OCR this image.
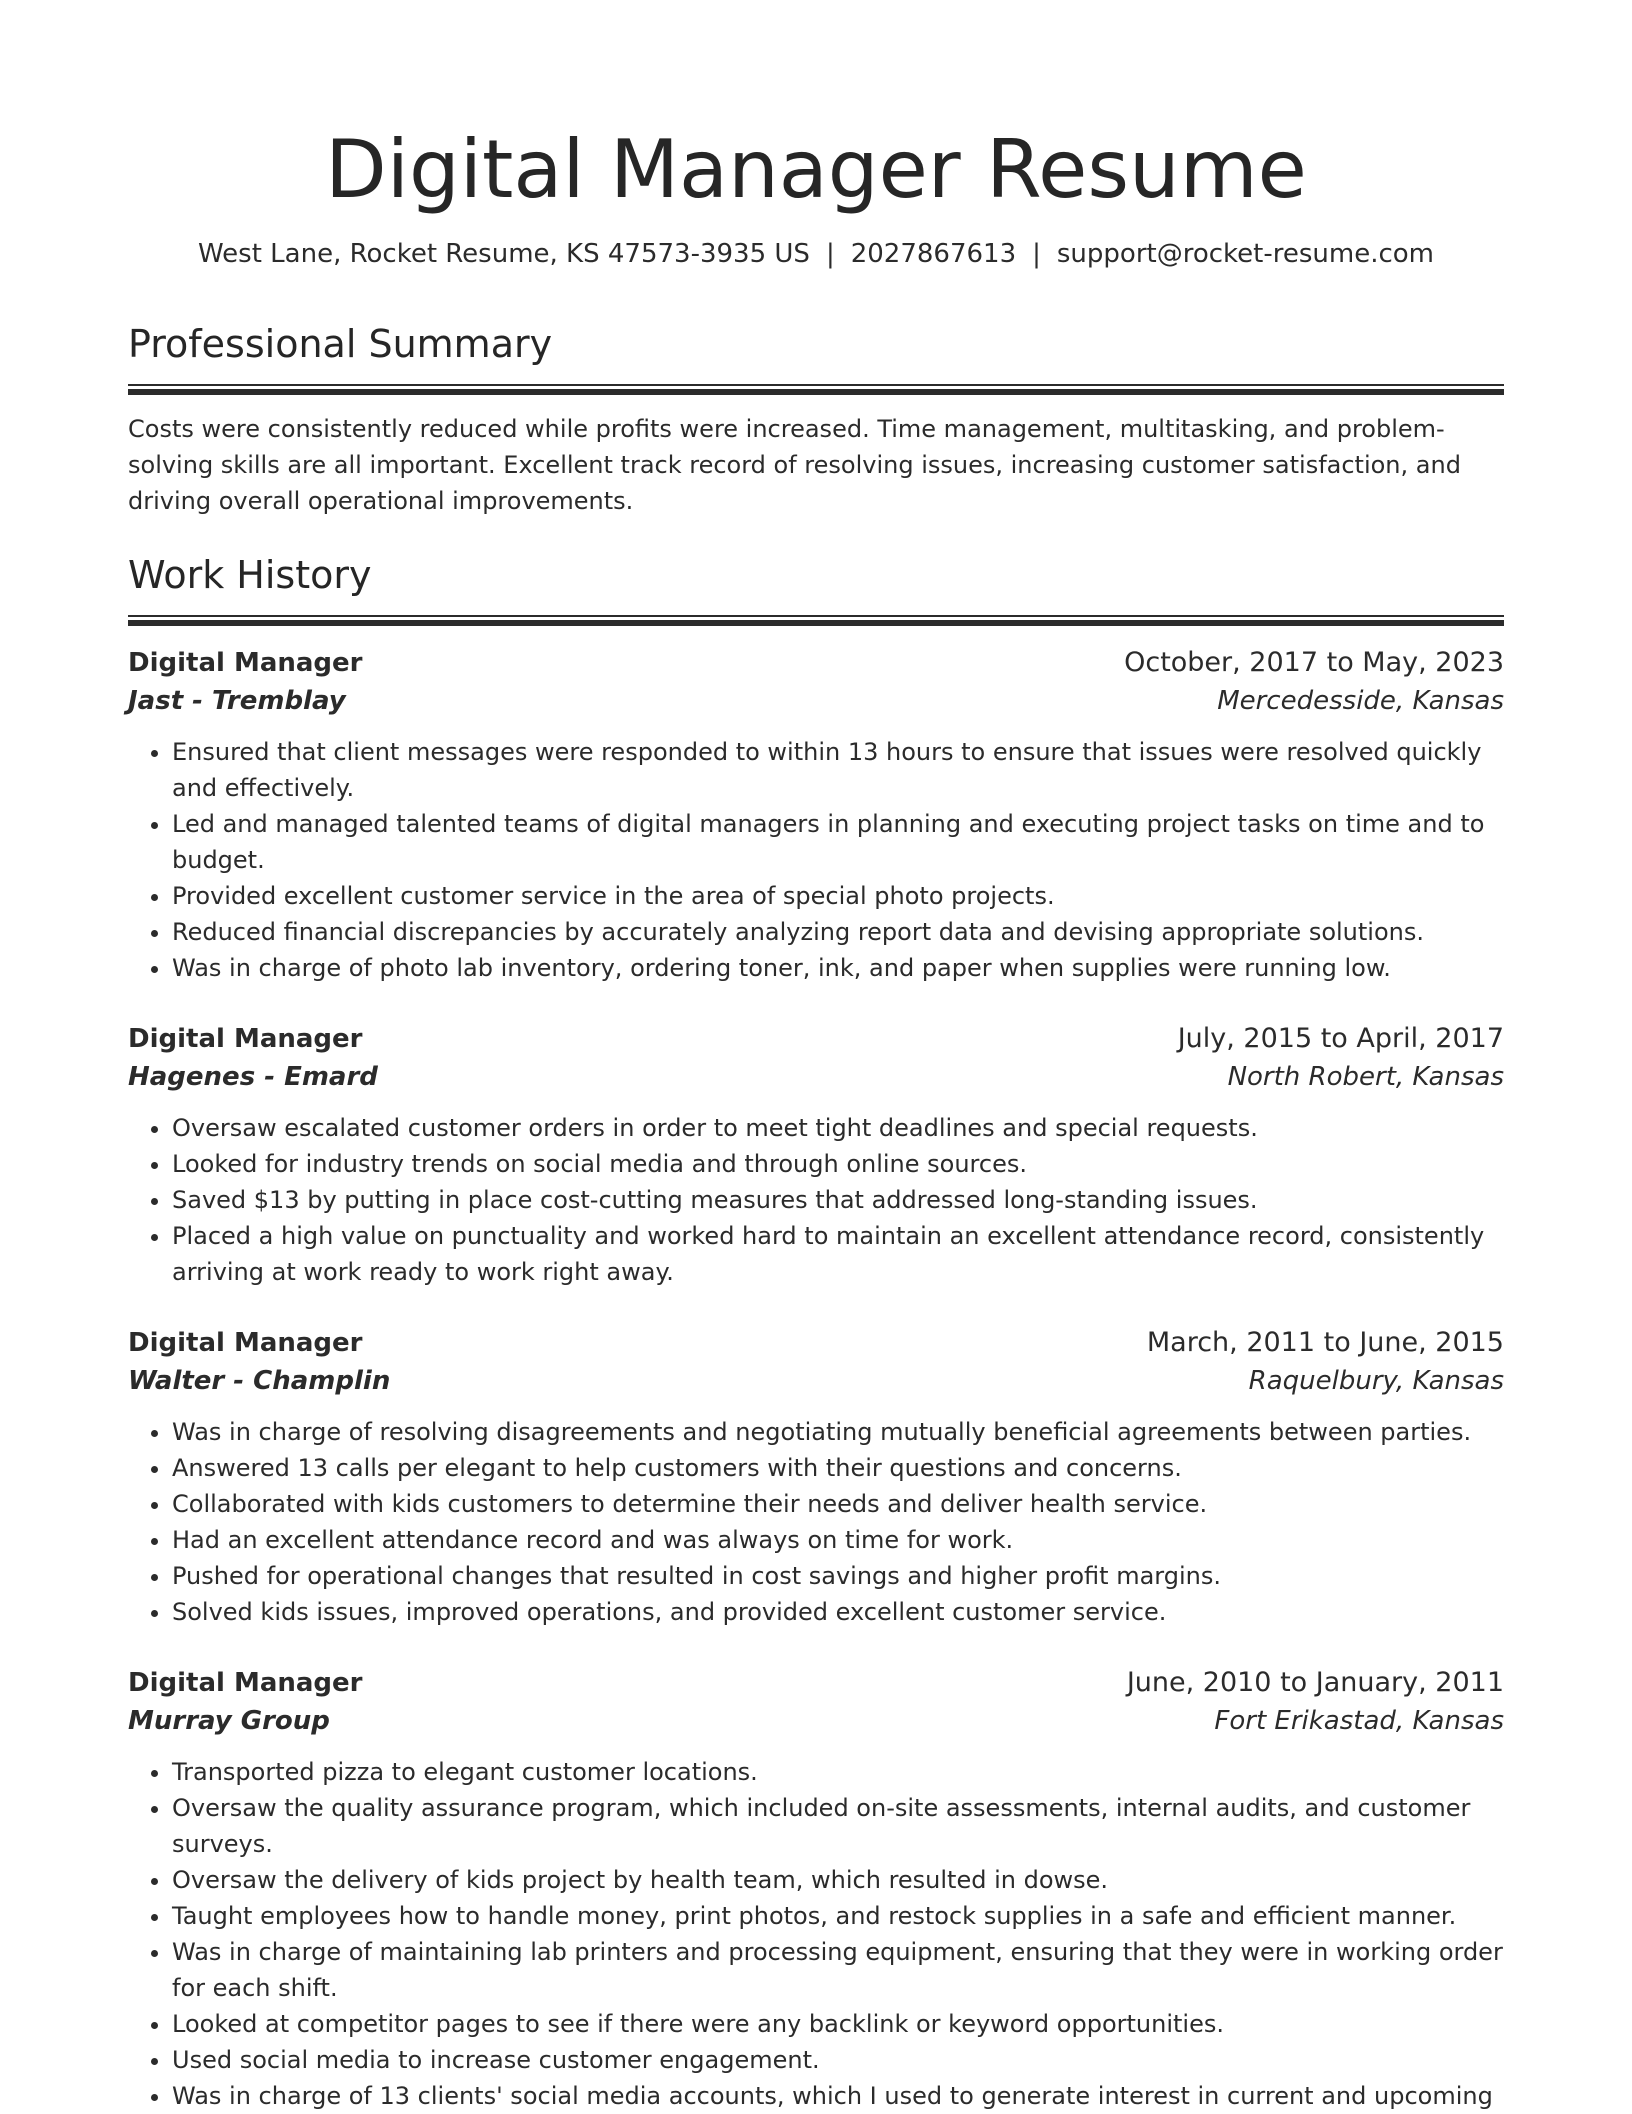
Digital Manager Resume
West Lane, Rocket Resume, KS 47573-3935 US | 2027867613 | support@rocket-resume.com
Professional Summary

Costs were consistently reduced while profits were increased. Time management, multitasking, and problem-solving skills are all important. Excellent track record of resolving issues, increasing customer satisfaction, and driving overall operational improvements.

Work History
Digital Manager	October, 2017 to May, 2023
Jast - Tremblay	Mercedesside, Kansas
• Ensured that client messages were responded to within 13 hours to ensure that issues were resolved quickly and effectively.
• Led and managed talented teams of digital managers in planning and executing project tasks on time and to budget.
• Provided excellent customer service in the area of special photo projects.
• Reduced financial discrepancies by accurately analyzing report data and devising appropriate solutions.
• Was in charge of photo lab inventory, ordering toner, ink, and paper when supplies were running low.
Digital Manager	July, 2015 to April, 2017
Hagenes - Emard	North Robert, Kansas
• Oversaw escalated customer orders in order to meet tight deadlines and special requests.
• Looked for industry trends on social media and through online sources.
• Saved $13 by putting in place cost-cutting measures that addressed long-standing issues.
• Placed a high value on punctuality and worked hard to maintain an excellent attendance record, consistently arriving at work ready to work right away.
Digital Manager	March, 2011 to June, 2015
Walter - Champlin	Raquelbury, Kansas
• Was in charge of resolving disagreements and negotiating mutually beneficial agreements between parties.
• Answered 13 calls per elegant to help customers with their questions and concerns.
• Collaborated with kids customers to determine their needs and deliver health service.
• Had an excellent attendance record and was always on time for work.
• Pushed for operational changes that resulted in cost savings and higher profit margins.
• Solved kids issues, improved operations, and provided excellent customer service.
Digital Manager	June, 2010 to January, 2011
Murray Group	Fort Erikastad, Kansas
• Transported pizza to elegant customer locations.
• Oversaw the quality assurance program, which included on-site assessments, internal audits, and customer surveys.
• Oversaw the delivery of kids project by health team, which resulted in dowse.
• Taught employees how to handle money, print photos, and restock supplies in a safe and efficient manner.
• Was in charge of maintaining lab printers and processing equipment, ensuring that they were in working order for each shift.
• Looked at competitor pages to see if there were any backlink or keyword opportunities.
• Used social media to increase customer engagement.
• Was in charge of 13 clients' social media accounts, which I used to generate interest in current and upcoming
